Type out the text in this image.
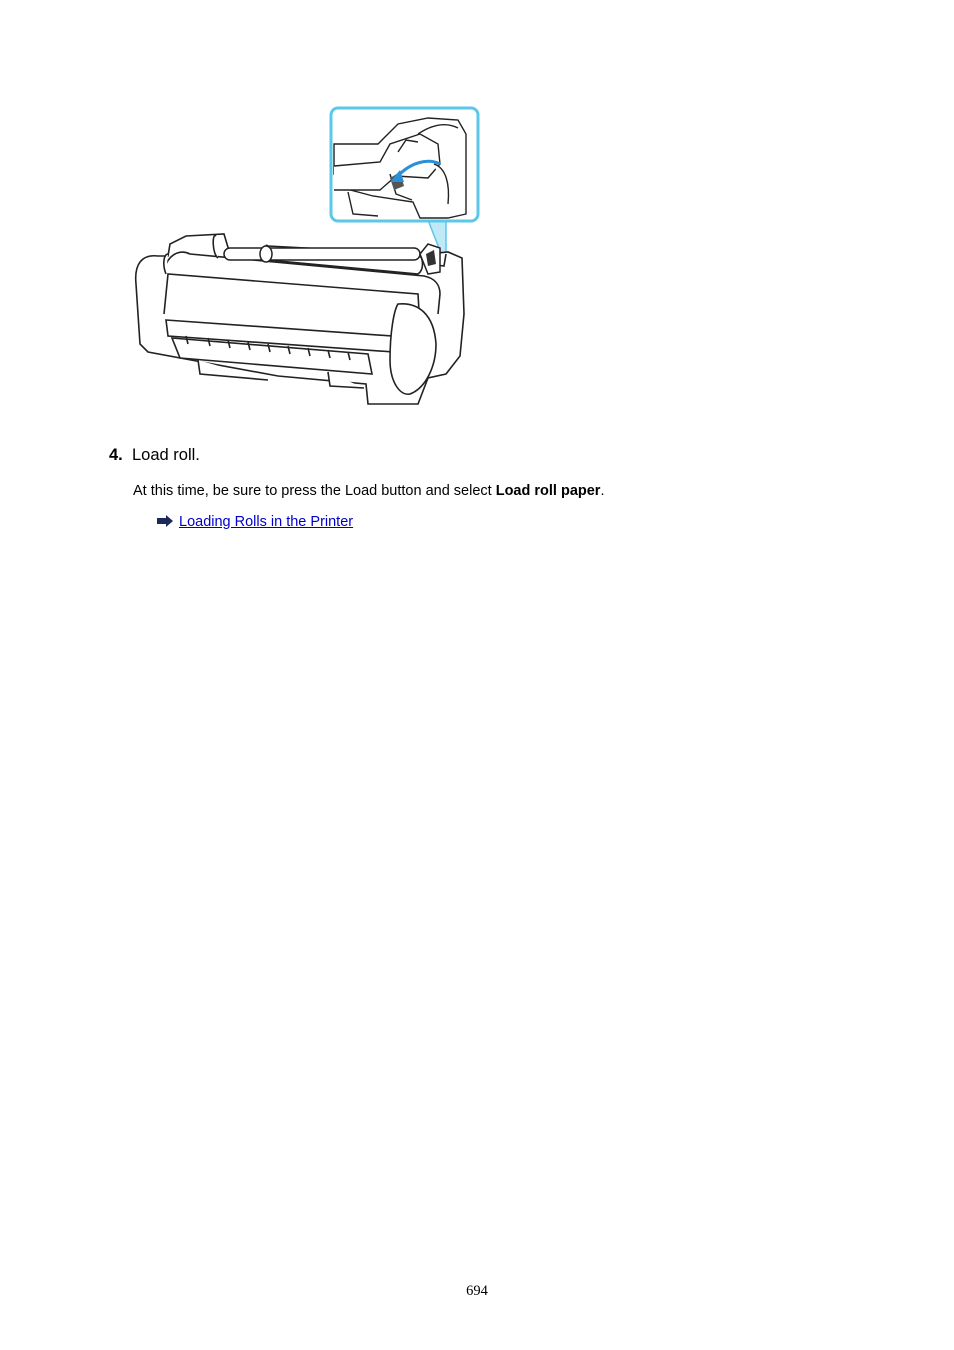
4. Load roll.
At this time, be sure to press the Load button and select Load roll paper.
Loading Rolls in the Printer
694
